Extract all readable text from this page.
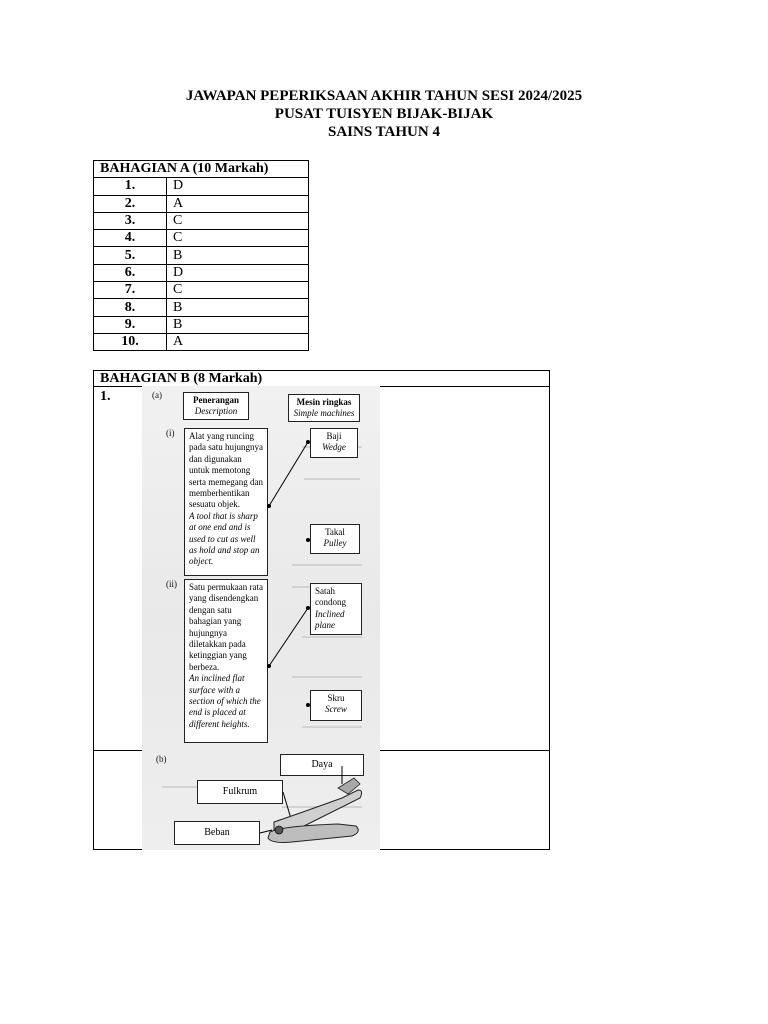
JAWAPAN PEPERIKSAAN AKHIR TAHUN SESI 2024/2025
PUSAT TUISYEN BIJAK-BIJAK
SAINS TAHUN 4
BAHAGIAN A (10 Markah)	
1.	D
2.	A
3.	C
4.	C
5.	B
6.	D
7.	C
8.	B
9.	B
10.	A
BAHAGIAN B (8 Markah)
1.	(a)	Penerangan
Description
Mesin ringkas
Simple machines
(i) Alat yang runcing pada satu hujungnya dan digunakan untuk memotong serta memegang dan memberhentikan sesuatu objek.
A tool that is sharp at one end and is used to cut as well as hold and stop an object.
(ii) Satu permukaan rata yang disendengkan dengan satu bahagian yang hujungnya diletakkan pada ketinggian yang berbeza.
An inclined flat surface with a section of which the end is placed at different heights.
Baji
Wedge
Takal
Pulley
Satah condong
Inclined plane
Skru
Screw
(b)	Daya
Fulkrum
Beban
